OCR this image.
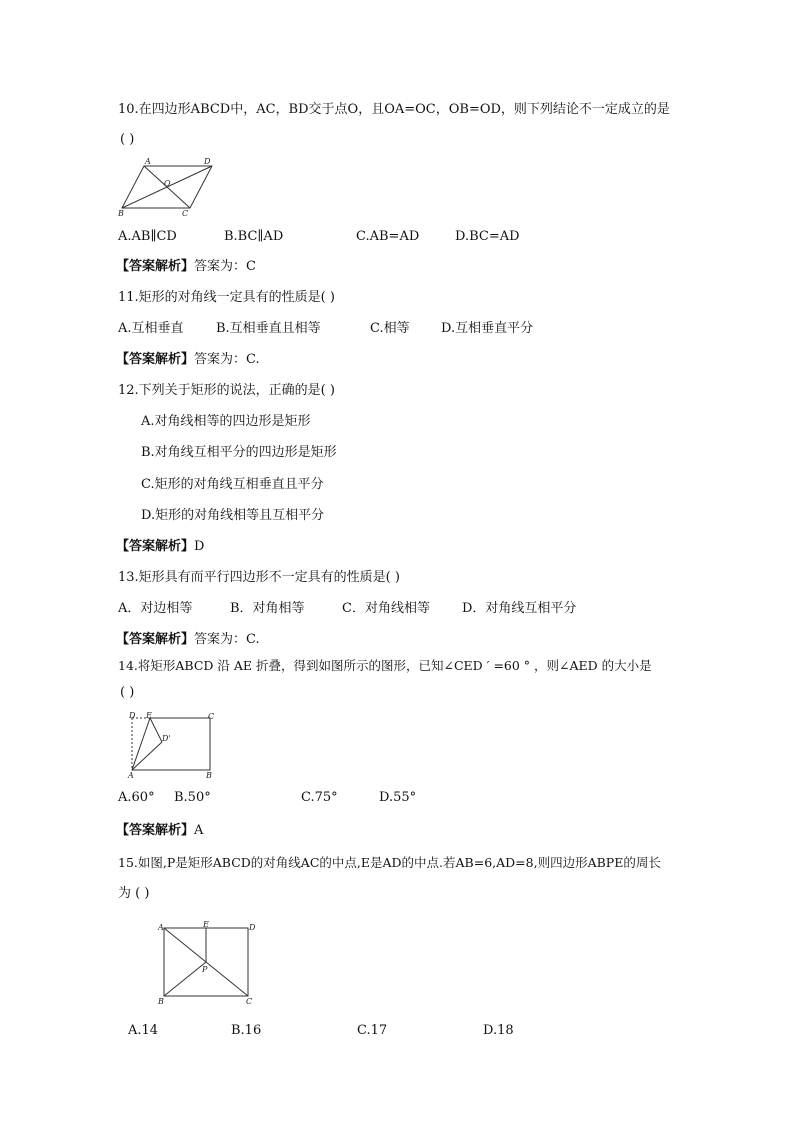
10.在四边形ABCD中，AC，BD交于点O，且OA=OC，OB=OD，则下列结论不一定成立的是
( )
A	D
B	C
O
A.AB∥CD	B.BC∥AD	C.AB=AD	D.BC=AD
【答案解析】答案为：C
11.矩形的对角线一定具有的性质是( )
A.互相垂直 B.互相垂直且相等	C.相等 D.互相垂直平分
【答案解析】答案为：C.
12.下列关于矩形的说法，正确的是( )
A.对角线相等的四边形是矩形
B.对角线互相平分的四边形是矩形
C.矩形的对角线互相垂直且平分
D.矩形的对角线相等且互相平分
【答案解析】D
13.矩形具有而平行四边形不一定具有的性质是( )
A．对边相等	B．对角相等	C．对角线相等 D．对角线互相平分
【答案解析】答案为：C.
14.将矩形ABCD 沿 AE 折叠，得到如图所示的图形，已知∠CED ′ =60 ° ，则∠AED 的大小是
( )
D E	C
A	B
D'
A.60° B.50°	C.75°	D.55°
【答案解析】A
15.如图,P是矩形ABCD的对角线AC的中点,E是AD的中点.若AB=6,AD=8,则四边形ABPE的周长
为 ( )
A	E	D
B	C
P
A.14	B.16	C.17	D.18
